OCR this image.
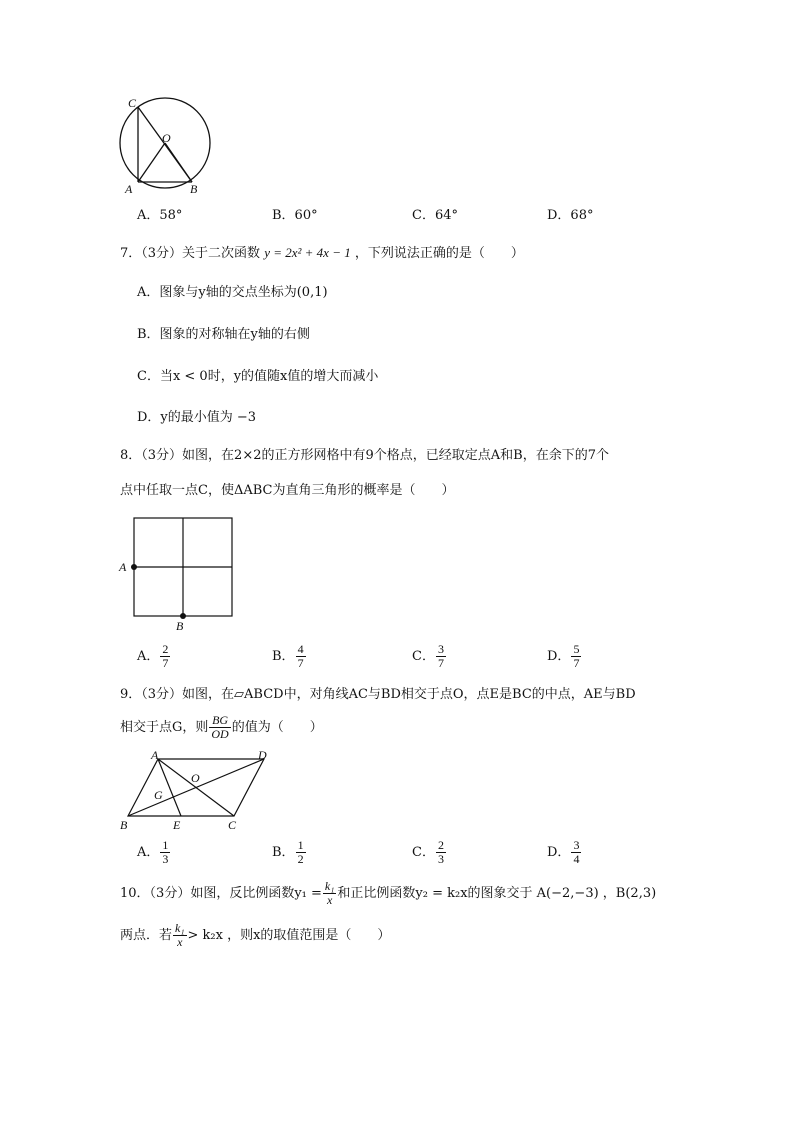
C
O
A	B
A．58°	B．60°	C．64°	D．68°
7．（3分）关于二次函数 y = 2x² + 4x − 1 ，下列说法正确的是（　　）
A．图象与y轴的交点坐标为(0,1)
B．图象的对称轴在y轴的右侧
C．当x < 0时，y的值随x值的增大而减小
D．y的最小值为 −3
8．（3分）如图，在2×2的正方形网格中有9个格点，已经取定点A和B，在余下的7个
点中任取一点C，使ΔABC为直角三角形的概率是（　　）
A
B
A． $\frac{2}{7}$	B． $\frac{4}{7}$	C． $\frac{3}{7}$	D． $\frac{5}{7}$
9．（3分）如图，在▱ABCD中，对角线AC与BD相交于点O，点E是BC的中点，AE与BD
相交于点G，则 $\frac{BG}{OD}$ 的值为（　　）
A	D
O
G
B	E	C
A． $\frac{1}{3}$	B． $\frac{1}{2}$	C． $\frac{2}{3}$	D． $\frac{3}{4}$
10．（3分）如图，反比例函数$y_1 = \frac{\text{k₁}}{x}$ 和正比例函数y₂ = k₂x的图象交于 A(−2,−3) ，B(2,3)
两点．若 $\frac{\text{k₁}}{x} > k_2x$ ，则x的取值范围是（　　）
